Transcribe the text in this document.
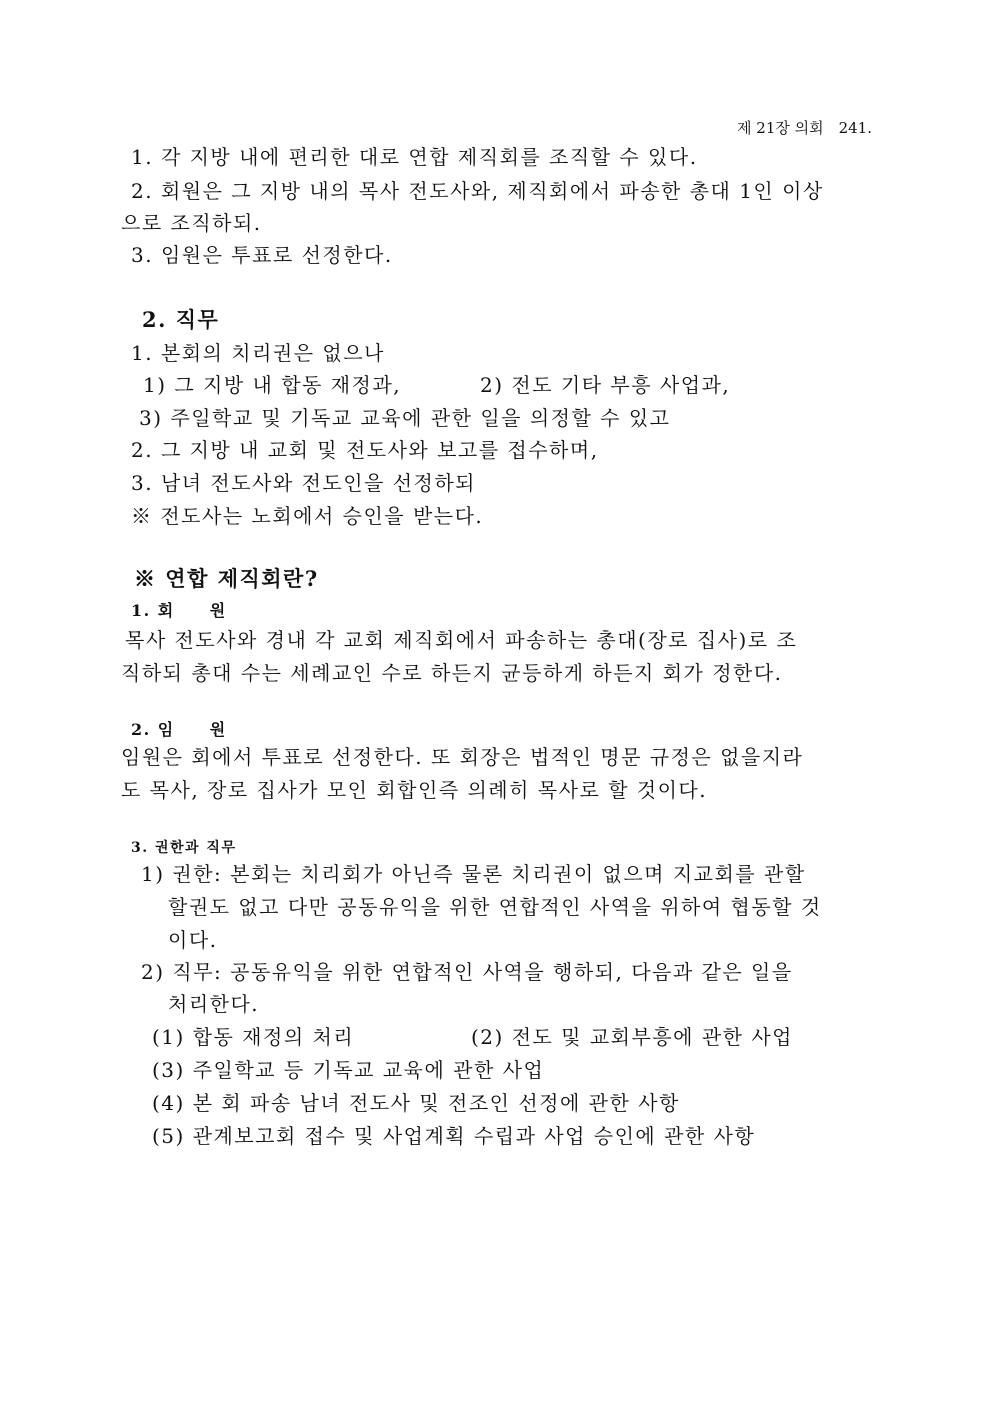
제 21장 의회　241.
1. 각 지방 내에 편리한 대로 연합 제직회를 조직할 수 있다.
2. 회원은 그 지방 내의 목사 전도사와, 제직회에서 파송한 총대 1인 이상
으로 조직하되.
3. 임원은 투표로 선정한다.
2. 직무
1. 본회의 치리권은 없으나
1) 그 지방 내 합동 재정과,	2) 전도 기타 부흥 사업과,
3) 주일학교 및 기독교 교육에 관한 일을 의정할 수 있고
2. 그 지방 내 교회 및 전도사와 보고를 접수하며,
3. 남녀 전도사와 전도인을 선정하되
※ 전도사는 노회에서 승인을 받는다.
※ 연합 제직회란?
1. 회　　원
목사 전도사와 경내 각 교회 제직회에서 파송하는 총대(장로 집사)로 조
직하되 총대 수는 세례교인 수로 하든지 균등하게 하든지 회가 정한다.
2. 임　　원
임원은 회에서 투표로 선정한다. 또 회장은 법적인 명문 규정은 없을지라
도 목사, 장로 집사가 모인 회합인즉 의례히 목사로 할 것이다.
3. 권한과 직무
1) 권한: 본회는 치리회가 아닌즉 물론 치리권이 없으며 지교회를 관할
할권도 없고 다만 공동유익을 위한 연합적인 사역을 위하여 협동할 것
이다.
2) 직무: 공동유익을 위한 연합적인 사역을 행하되, 다음과 같은 일을
처리한다.
(1) 합동 재정의 처리	(2) 전도 및 교회부흥에 관한 사업
(3) 주일학교 등 기독교 교육에 관한 사업
(4) 본 회 파송 남녀 전도사 및 전조인 선정에 관한 사항
(5) 관계보고회 접수 및 사업계획 수립과 사업 승인에 관한 사항
